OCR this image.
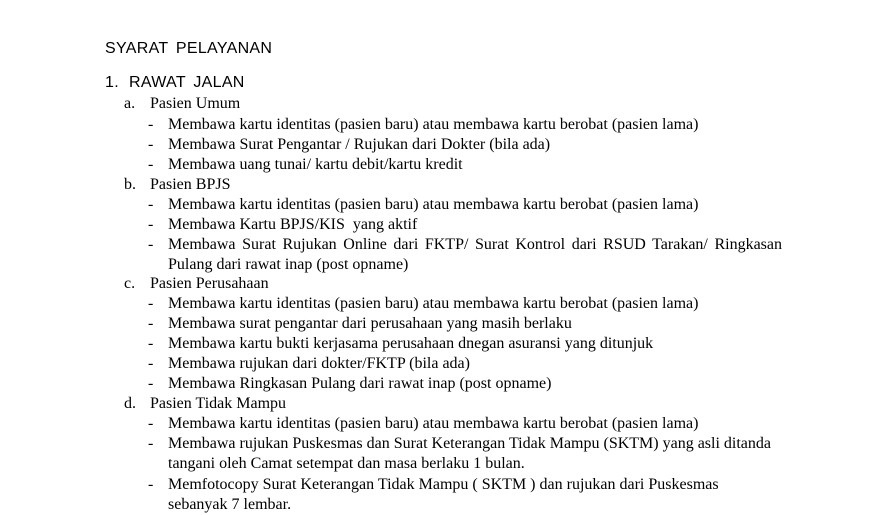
SYARAT PELAYANAN
1. RAWAT JALAN
a. Pasien Umum
- Membawa kartu identitas (pasien baru) atau membawa kartu berobat (pasien lama)
- Membawa Surat Pengantar / Rujukan dari Dokter (bila ada)
- Membawa uang tunai/ kartu debit/kartu kredit
b. Pasien BPJS
- Membawa kartu identitas (pasien baru) atau membawa kartu berobat (pasien lama)
- Membawa Kartu BPJS/KIS  yang aktif
- Membawa Surat Rujukan Online dari FKTP/ Surat Kontrol dari RSUD Tarakan/ Ringkasan Pulang dari rawat inap (post opname)
c. Pasien Perusahaan
- Membawa kartu identitas (pasien baru) atau membawa kartu berobat (pasien lama)
- Membawa surat pengantar dari perusahaan yang masih berlaku
- Membawa kartu bukti kerjasama perusahaan dnegan asuransi yang ditunjuk
- Membawa rujukan dari dokter/FKTP (bila ada)
- Membawa Ringkasan Pulang dari rawat inap (post opname)
d. Pasien Tidak Mampu
- Membawa kartu identitas (pasien baru) atau membawa kartu berobat (pasien lama)
- Membawa rujukan Puskesmas dan Surat Keterangan Tidak Mampu (SKTM) yang asli ditanda tangani oleh Camat setempat dan masa berlaku 1 bulan.
- Memfotocopy Surat Keterangan Tidak Mampu ( SKTM ) dan rujukan dari Puskesmas sebanyak 7 lembar.
